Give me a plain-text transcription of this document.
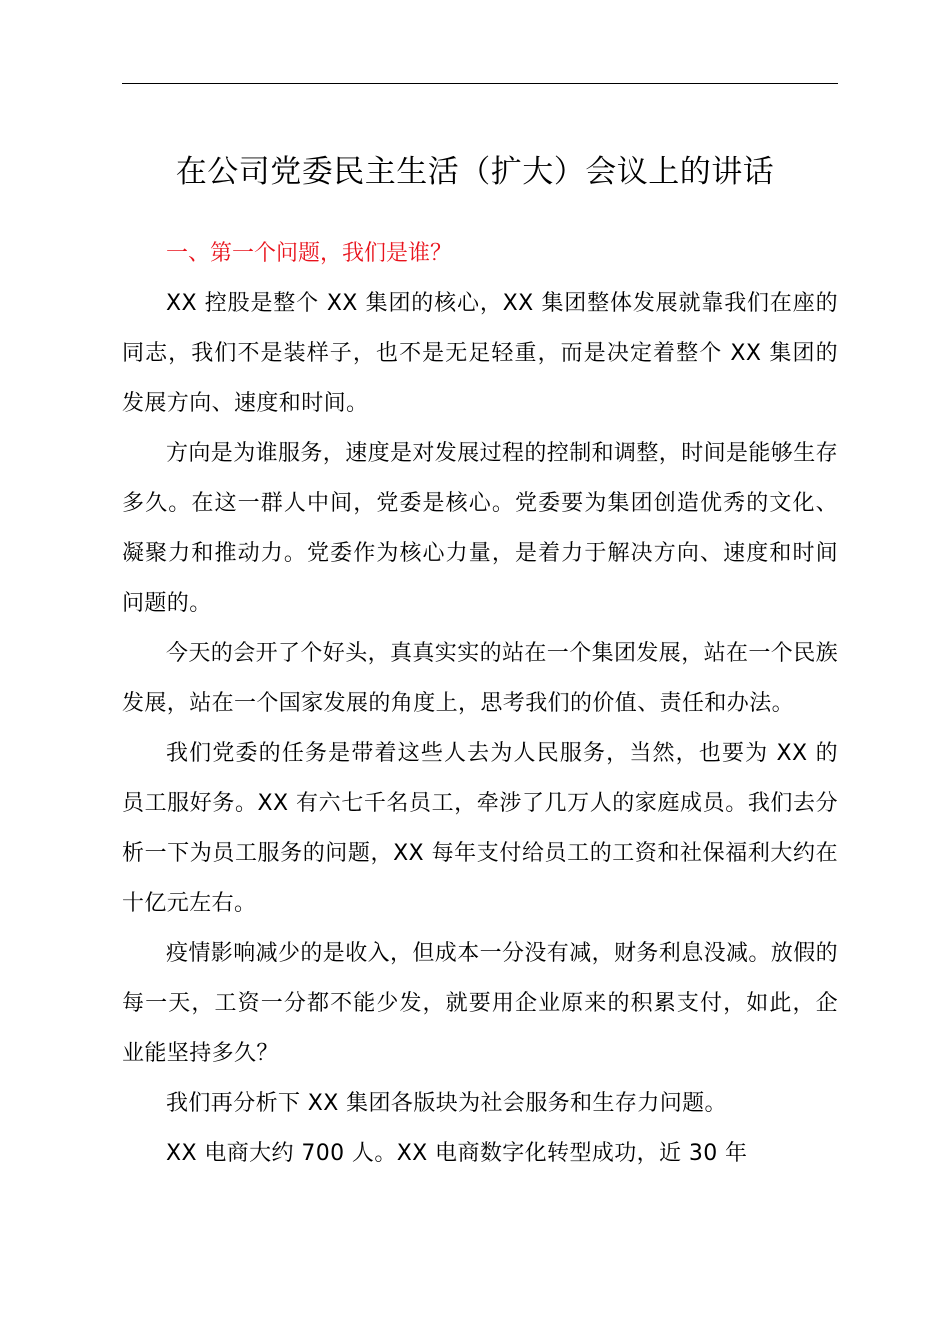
在公司党委民主生活（扩大）会议上的讲话
一、第一个问题，我们是谁？

XX 控股是整个 XX 集团的核心，XX 集团整体发展就靠我们在座的同志，我们不是装样子，也不是无足轻重，而是决定着整个 XX 集团的发展方向、速度和时间。

方向是为谁服务，速度是对发展过程的控制和调整，时间是能够生存多久。在这一群人中间，党委是核心。党委要为集团创造优秀的文化、凝聚力和推动力。党委作为核心力量，是着力于解决方向、速度和时间问题的。

今天的会开了个好头，真真实实的站在一个集团发展，站在一个民族发展，站在一个国家发展的角度上，思考我们的价值、责任和办法。

我们党委的任务是带着这些人去为人民服务，当然，也要为 XX 的员工服好务。XX 有六七千名员工，牵涉了几万人的家庭成员。我们去分析一下为员工服务的问题，XX 每年支付给员工的工资和社保福利大约在十亿元左右。

疫情影响减少的是收入，但成本一分没有减，财务利息没减。放假的每一天，工资一分都不能少发，就要用企业原来的积累支付，如此，企业能坚持多久？

我们再分析下 XX 集团各版块为社会服务和生存力问题。

XX 电商大约 700 人。XX 电商数字化转型成功，近 30 年
